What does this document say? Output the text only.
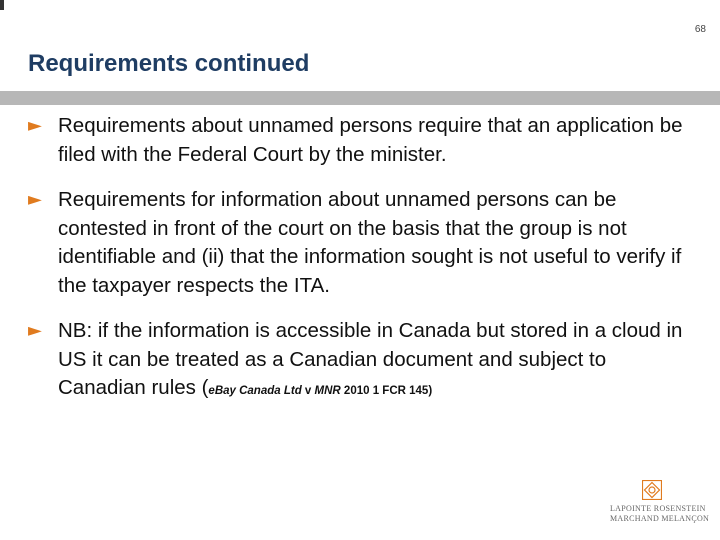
68
Requirements continued
► Requirements about unnamed persons require that an application be filed with the Federal Court by the minister.
► Requirements for information about unnamed persons can be contested in front of the court on the basis that the group is not identifiable and (ii) that the information sought is not useful to verify if the taxpayer respects the ITA.
► NB: if the information is accessible in Canada but stored in a cloud in US it can be treated as a Canadian document and subject to Canadian rules (eBay Canada Ltd v MNR 2010 1 FCR 145)
LAPOINTE ROSENSTEIN
MARCHAND MELANÇON
